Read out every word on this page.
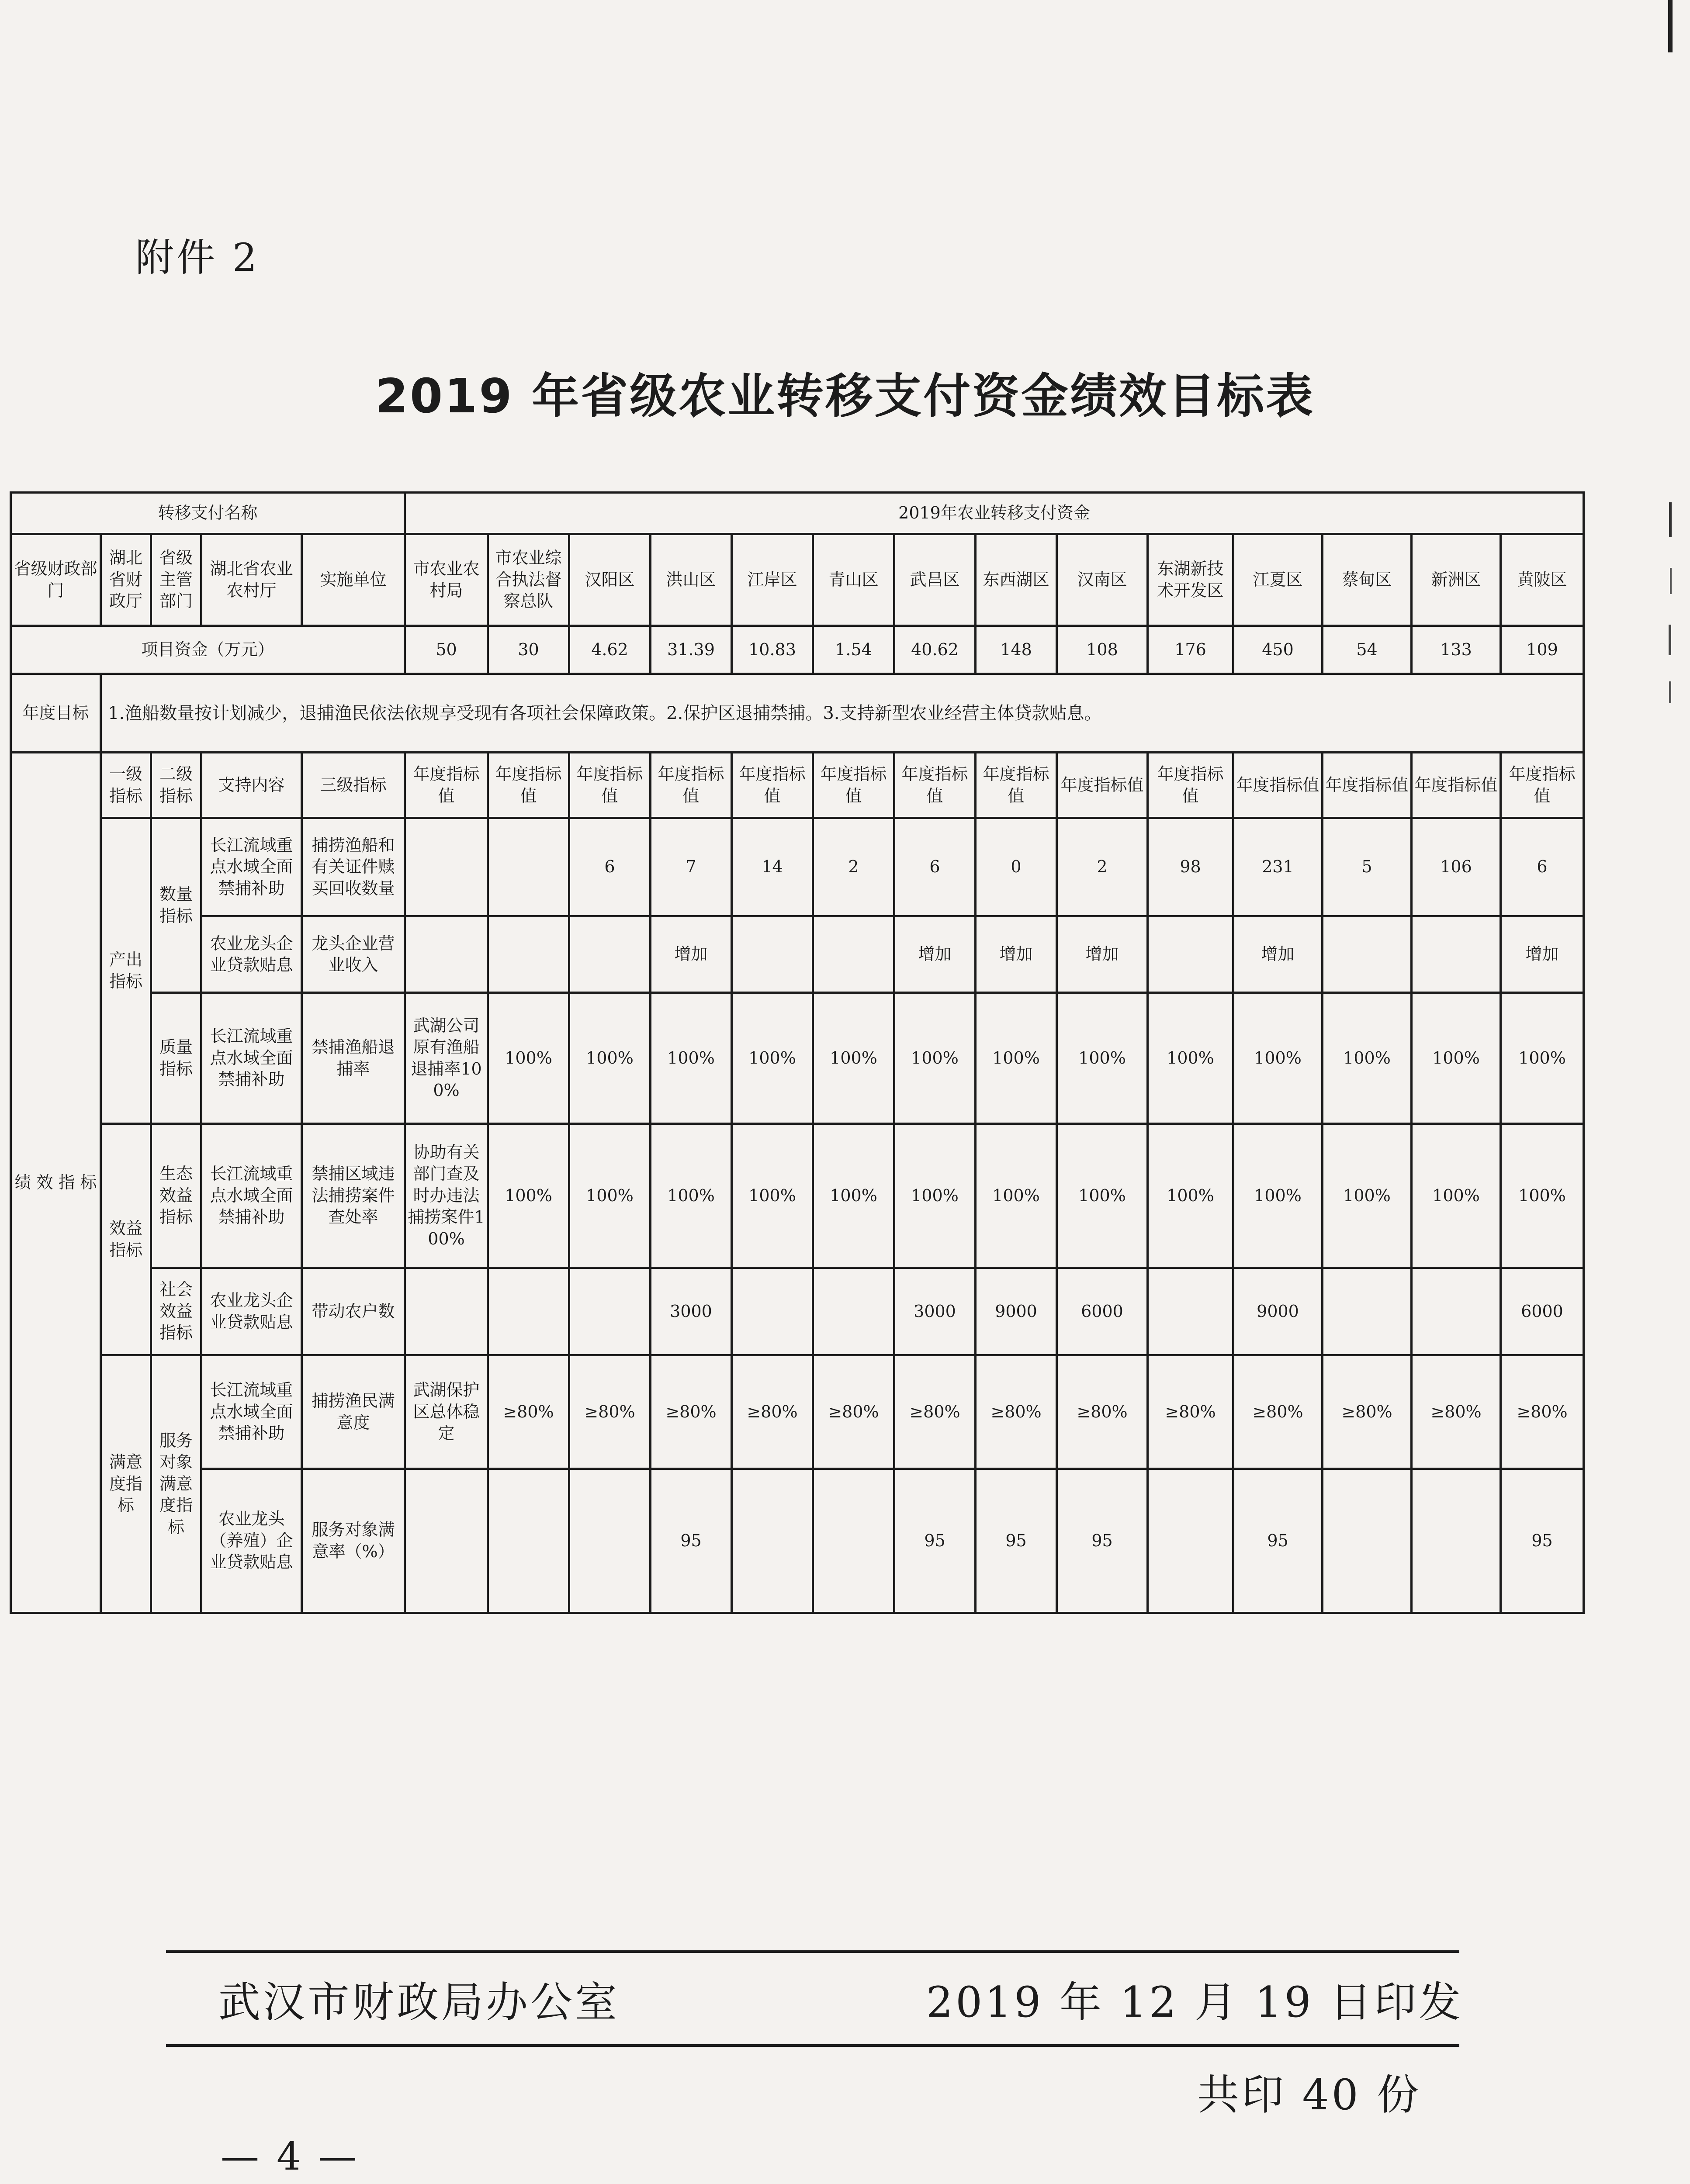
附件 2
2019 年省级农业转移支付资金绩效目标表
转移支付名称					2019年农业转移支付资金													
省级财政部门	湖北省财政厅	省级主管部门	湖北省农业农村厅	实施单位	市农业农村局	市农业综合执法督察总队	汉阳区	洪山区	江岸区	青山区	武昌区	东西湖区	汉南区	东湖新技术开发区	江夏区	蔡甸区	新洲区	黄陂区
项目资金（万元）					50	30	4.62	31.39	10.83	1.54	40.62	148	108	176	450	54	133	109
年度目标	1.渔船数量按计划减少，退捕渔民依法依规享受现有各项社会保障政策。2.保护区退捕禁捕。3.支持新型农业经营主体贷款贴息。																	
绩 效 指 标	一级指标	二级指标	支持内容	三级指标	年度指标值	年度指标值	年度指标值	年度指标值	年度指标值	年度指标值	年度指标值	年度指标值	年度指标值	年度指标值	年度指标值	年度指标值	年度指标值	年度指标值
	产出指标	数量指标	长江流域重点水域全面禁捕补助	捕捞渔船和有关证件赎买回收数量			6	7	14	2	6	0	2	98	231	5	106	6
			农业龙头企业贷款贴息	龙头企业营业收入				增加			增加	增加	增加		增加			增加
		质量指标	长江流域重点水域全面禁捕补助	禁捕渔船退捕率	武湖公司原有渔船退捕率100%	100%	100%	100%	100%	100%	100%	100%	100%	100%	100%	100%	100%	100%
	效益指标	生态效益指标	长江流域重点水域全面禁捕补助	禁捕区域违法捕捞案件查处率	协助有关部门查及时办违法捕捞案件100%	100%	100%	100%	100%	100%	100%	100%	100%	100%	100%	100%	100%	100%
		社会效益指标	农业龙头企业贷款贴息	带动农户数				3000			3000	9000	6000		9000			6000
	满意度指标	服务对象满意度指标	长江流域重点水域全面禁捕补助	捕捞渔民满意度	武湖保护区总体稳定	≥80%	≥80%	≥80%	≥80%	≥80%	≥80%	≥80%	≥80%	≥80%	≥80%	≥80%	≥80%	≥80%
			农业龙头（养殖）企业贷款贴息	服务对象满意率（%）				95			95	95	95		95			95
武汉市财政局办公室	2019 年 12 月 19 日印发
共印 40 份
— 4 —
